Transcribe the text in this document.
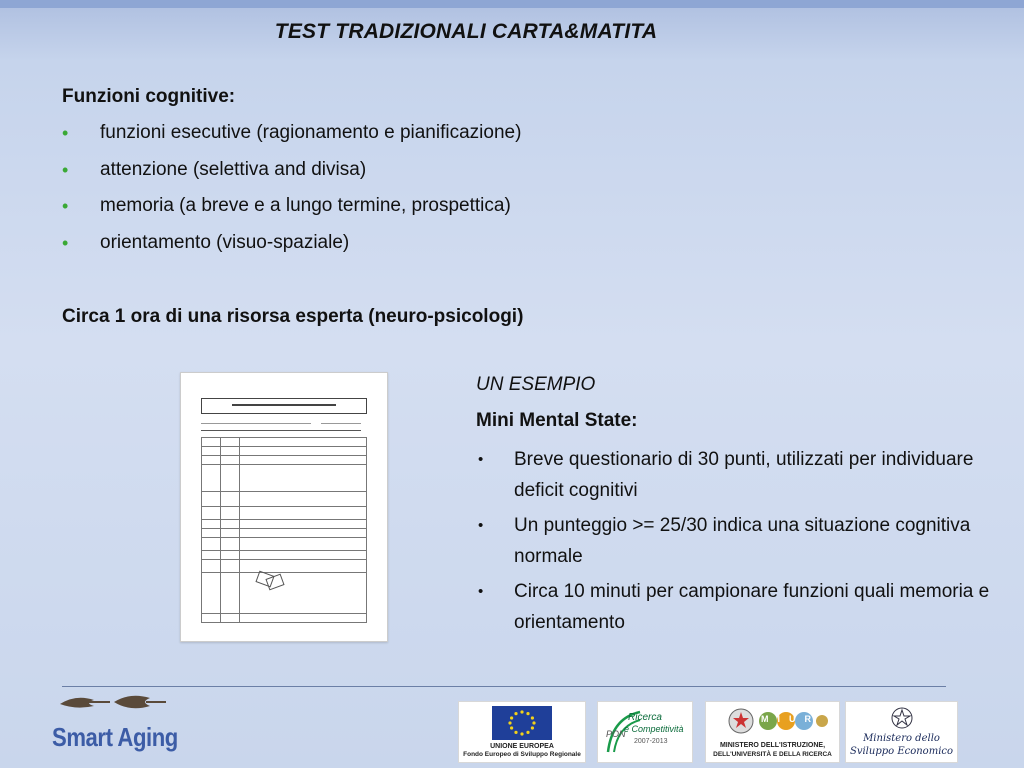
TEST TRADIZIONALI CARTA&MATITA
Funzioni cognitive:
• funzioni esecutive (ragionamento e pianificazione)
• attenzione (selettiva and divisa)
• memoria (a breve e a lungo termine, prospettica)
• orientamento (visuo-spaziale)
Circa 1 ora di una risorsa esperta (neuro-psicologi)

UN ESEMPIO
Mini Mental State:
• Breve questionario di 30 punti, utilizzati per individuare deficit cognitivi
• Un punteggio >= 25/30 indica una situazione cognitiva normale
• Circa 10 minuti per campionare funzioni quali memoria e orientamento
Smart Aging	UNIONE EUROPEA
Fondo Europeo di Sviluppo Regionale
PON
Ricerca
e Competitività
2007-2013
MIUR
MINISTERO DELL'ISTRUZIONE,
DELL'UNIVERSITÀ E DELLA RICERCA
Ministero dello
Sviluppo Economico
